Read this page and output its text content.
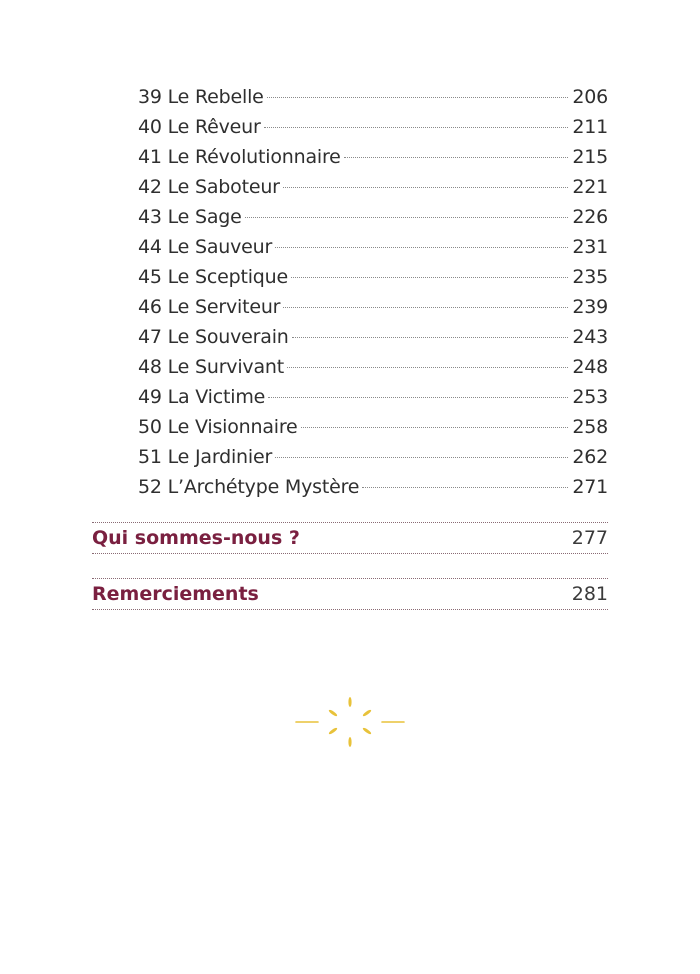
39 Le Rebelle	206
40 Le Rêveur	211
41 Le Révolutionnaire	215
42 Le Saboteur	221
43 Le Sage	226
44 Le Sauveur	231
45 Le Sceptique	235
46 Le Serviteur	239
47 Le Souverain	243
48 Le Survivant	248
49 La Victime	253
50 Le Visionnaire	258
51 Le Jardinier	262
52 L’Archétype Mystère	271
Qui sommes-nous ?	277
Remerciements	281
